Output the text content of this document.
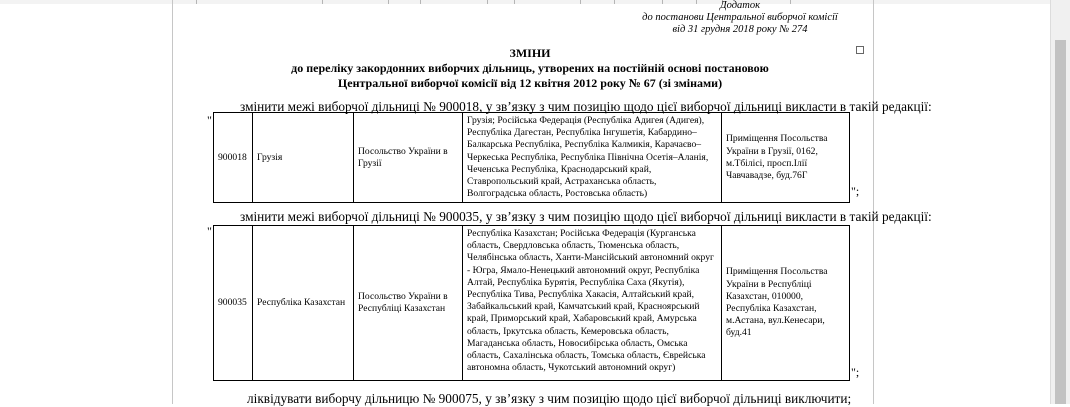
Додаток
до постанови Центральної виборчої комісії
від 31 грудня 2018 року № 274
ЗМІНИ
до переліку закордонних виборчих дільниць, утворених на постійній основі постановою
Центральної виборчої комісії від 12 квітня 2012 року № 67 (зі змінами)
змінити межі виборчої дільниці № 900018, у зв’язку з чим позицію щодо цієї виборчої дільниці викласти в такій редакції:
"
900018	Грузія	Посольство України в Грузії	Грузія; Російська Федерація (Республіка Адигея (Адигея), Республіка Дагестан, Республіка Інгушетія, Кабардино–Балкарська Республіка, Республіка Калмикія, Карачаєво–Черкеська Республіка, Республіка Північна Осетія–Аланія, Чеченська Республіка, Краснодарський край, Ставропольський край, Астраханська область, Волгоградська область, Ростовська область)	Приміщення Посольства України в Грузії, 0162, м.Тбілісі, просп.Ілії Чавчавадзе, буд.76Г
";
змінити межі виборчої дільниці № 900035, у зв’язку з чим позицію щодо цієї виборчої дільниці викласти в такій редакції:
"
900035	Республіка Казахстан	Посольство України в Республіці Казахстан	Республіка Казахстан; Російська Федерація (Курганська область, Свердловська область, Тюменська область, Челябінська область, Ханти-Мансійський автономний округ - Югра, Ямало-Ненецький автономний округ, Республіка Алтай, Республіка Бурятія, Республіка Саха (Якутія), Республіка Тива, Республіка Хакасія, Алтайський край, Забайкальський край, Камчатський край, Красноярський край, Приморський край, Хабаровський край, Амурська область, Іркутська область, Кемеровська область, Магаданська область, Новосибірська область, Омська область, Сахалінська область, Томська область, Єврейська автономна область, Чукотський автономний округ)	Приміщення Посольства України в Республіці Казахстан, 010000, Республіка Казахстан, м.Астана, вул.Кенесари, буд.41
";
ліквідувати виборчу дільницю № 900075, у зв’язку з чим позицію щодо цієї виборчої дільниці виключити;
